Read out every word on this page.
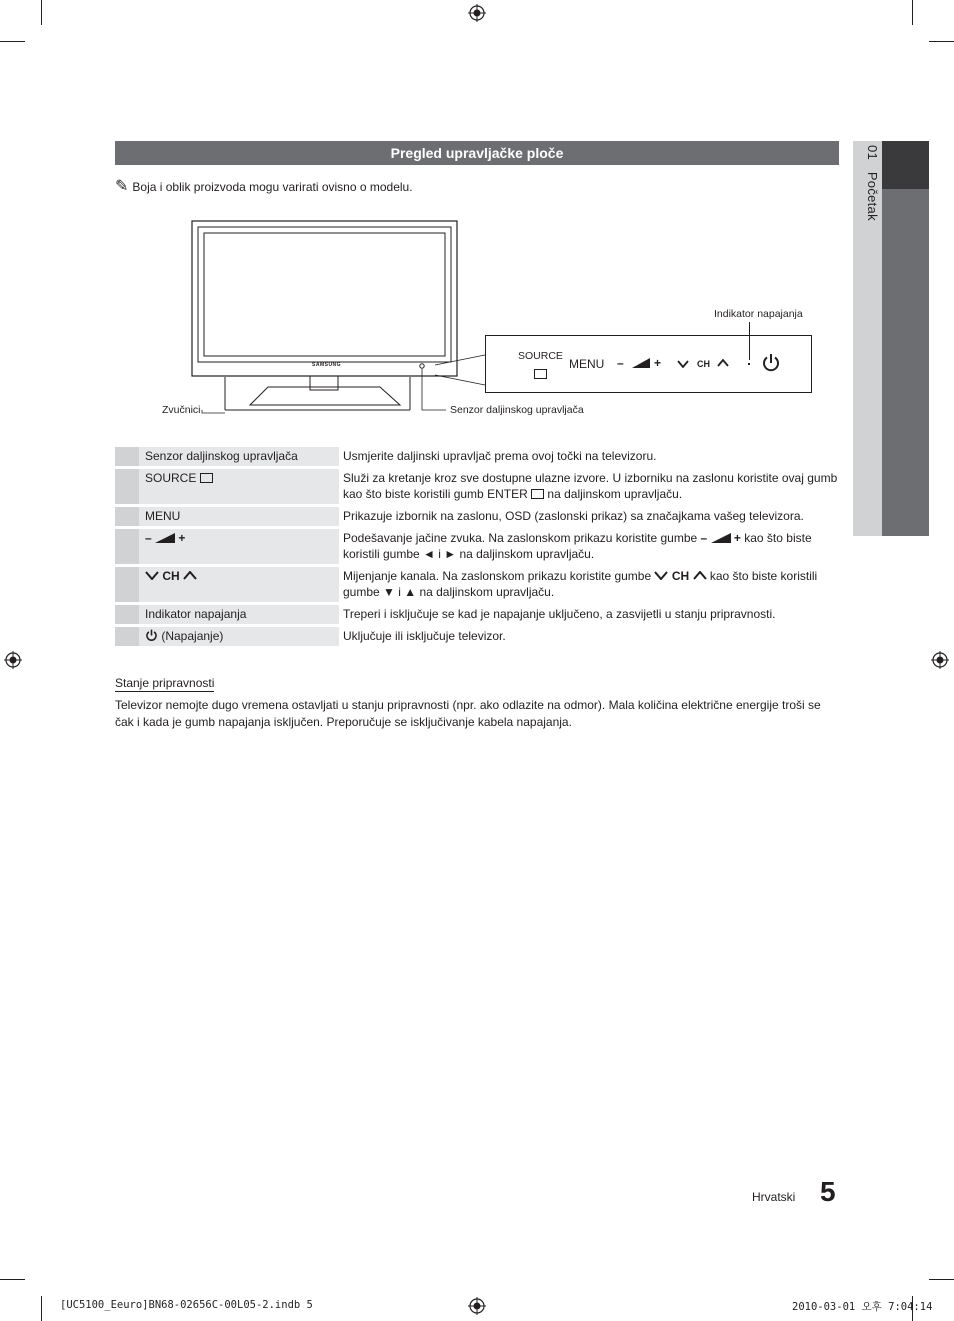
01   Početak
Pregled upravljačke ploče
✎ Boja i oblik proizvoda mogu varirati ovisno o modelu.
SAMSUNG
Zvučnici	Senzor daljinskog upravljača
Indikator napajanja
SOURCE
MENU –	+	CH
	Senzor daljinskog upravljača	Usmjerite daljinski upravljač prema ovoj točki na televizoru.
	SOURCE	Služi za kretanje kroz sve dostupne ulazne izvore. U izborniku na zaslonu koristite ovaj gumb kao što biste koristili gumb ENTER  na daljinskom upravljaču.
	MENU	Prikazuje izbornik na zaslonu, OSD (zaslonski prikaz) sa značajkama vašeg televizora.
	– +	Podešavanje jačine zvuka. Na zaslonskom prikazu koristite gumbe – + kao što biste koristili gumbe ◄ i ► na daljinskom upravljaču.
	CH	Mijenjanje kanala. Na zaslonskom prikazu koristite gumbe  CH  kao što biste koristili gumbe ▼ i ▲ na daljinskom upravljaču.
	Indikator napajanja	Treperi i isključuje se kad je napajanje uključeno, a zasvijetli u stanju pripravnosti.
	(Napajanje)	Uključuje ili isključuje televizor.
Stanje pripravnosti
Televizor nemojte dugo vremena ostavljati u stanju pripravnosti (npr. ako odlazite na odmor). Mala količina električne energije troši se čak i kada je gumb napajanja isključen. Preporučuje se isključivanje kabela napajanja.
Hrvatski 5
[UC5100_Eeuro]BN68-02656C-00L05-2.indb 5	2010-03-01 오후 7:04:14
